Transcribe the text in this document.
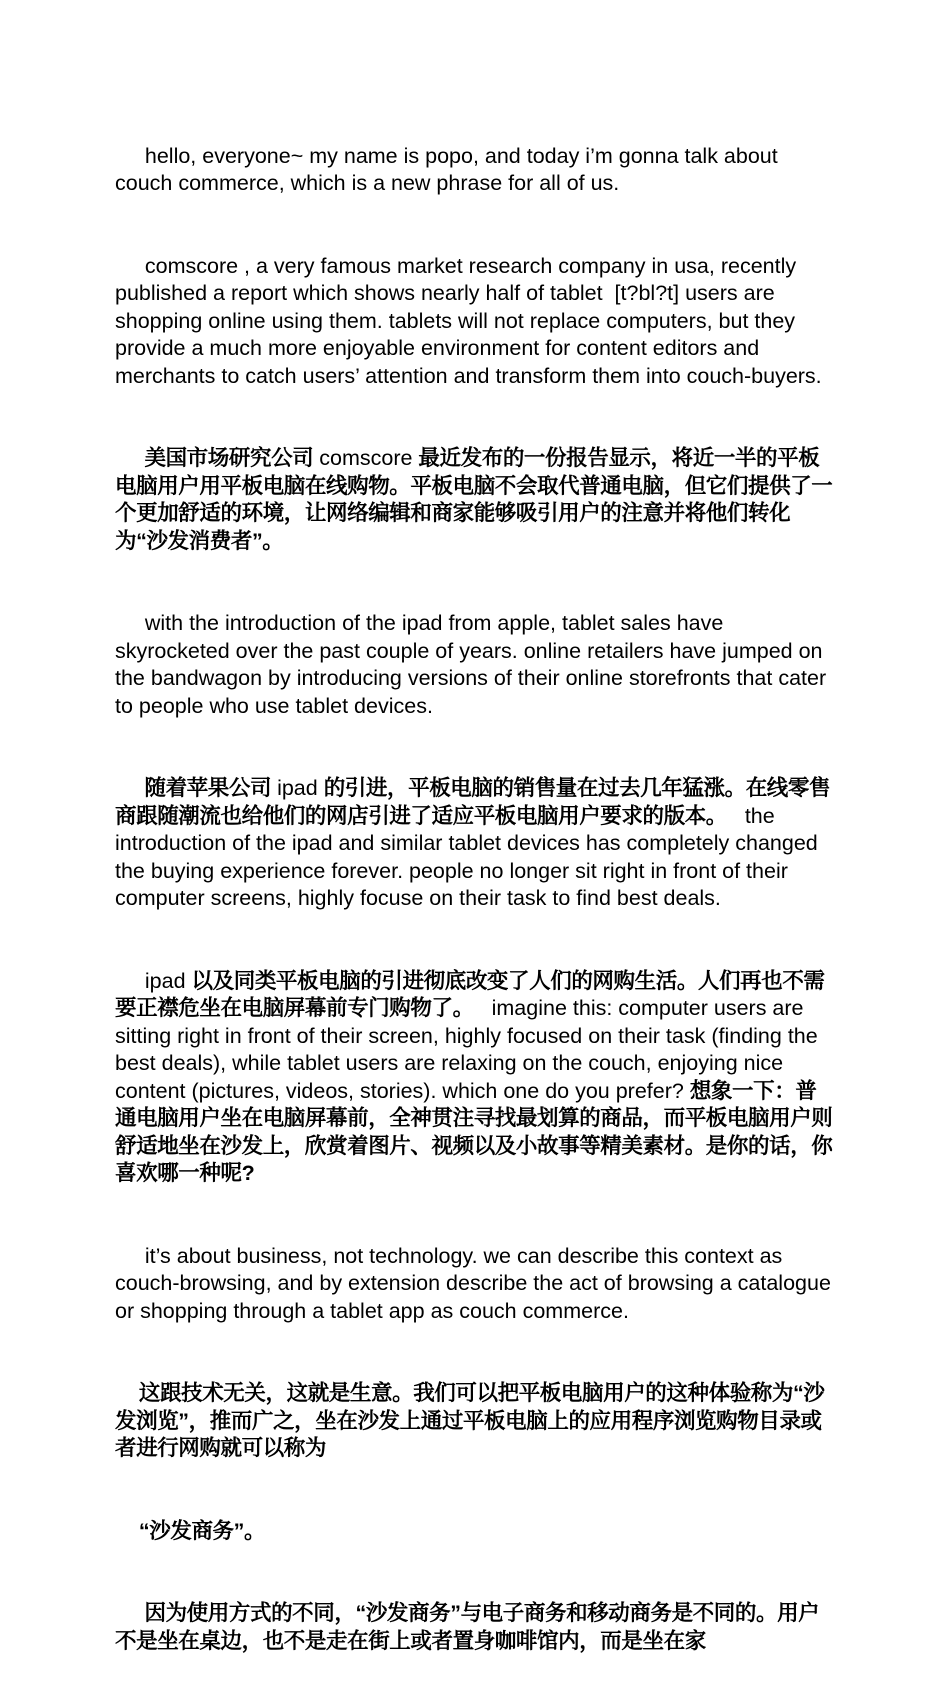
hello, everyone~ my name is popo, and today i’m gonna talk about couch commerce, which is a new phrase for all of us.

comscore , a very famous market research company in usa, recently published a report which shows nearly half of tablet  [t?bl?t] users are shopping online using them. tablets will not replace computers, but they provide a much more enjoyable environment for content editors and merchants to catch users’ attention and transform them into couch-buyers.

美国市场研究公司 comscore 最近发布的一份报告显示，将近一半的平板电脑用户用平板电脑在线购物。平板电脑不会取代普通电脑，但它们提供了一个更加舒适的环境，让网络编辑和商家能够吸引用户的注意并将他们转化为“沙发消费者”。

with the introduction of the ipad from apple, tablet sales have skyrocketed over the past couple of years. online retailers have jumped on the bandwagon by introducing versions of their online storefronts that cater to people who use tablet devices.

随着苹果公司 ipad 的引进，平板电脑的销售量在过去几年猛涨。在线零售商跟随潮流也给他们的网店引进了适应平板电脑用户要求的版本。   the introduction of the ipad and similar tablet devices has completely changed the buying experience forever. people no longer sit right in front of their computer screens, highly focuse on their task to find best deals.

ipad 以及同类平板电脑的引进彻底改变了人们的网购生活。人们再也不需要正襟危坐在电脑屏幕前专门购物了。   imagine this: computer users are sitting right in front of their screen, highly focused on their task (finding the best deals), while tablet users are relaxing on the couch, enjoying nice content (pictures, videos, stories). which one do you prefer? 想象一下：普通电脑用户坐在电脑屏幕前，全神贯注寻找最划算的商品，而平板电脑用户则舒适地坐在沙发上，欣赏着图片、视频以及小故事等精美素材。是你的话，你喜欢哪一种呢?

it’s about business, not technology. we can describe this context as couch-browsing, and by extension describe the act of browsing a catalogue or shopping through a tablet app as couch commerce.

这跟技术无关，这就是生意。我们可以把平板电脑用户的这种体验称为“沙发浏览”，推而广之，坐在沙发上通过平板电脑上的应用程序浏览购物目录或者进行网购就可以称为

“沙发商务”。

因为使用方式的不同，“沙发商务”与电子商务和移动商务是不同的。用户不是坐在桌边，也不是走在街上或者置身咖啡馆内，而是坐在家
